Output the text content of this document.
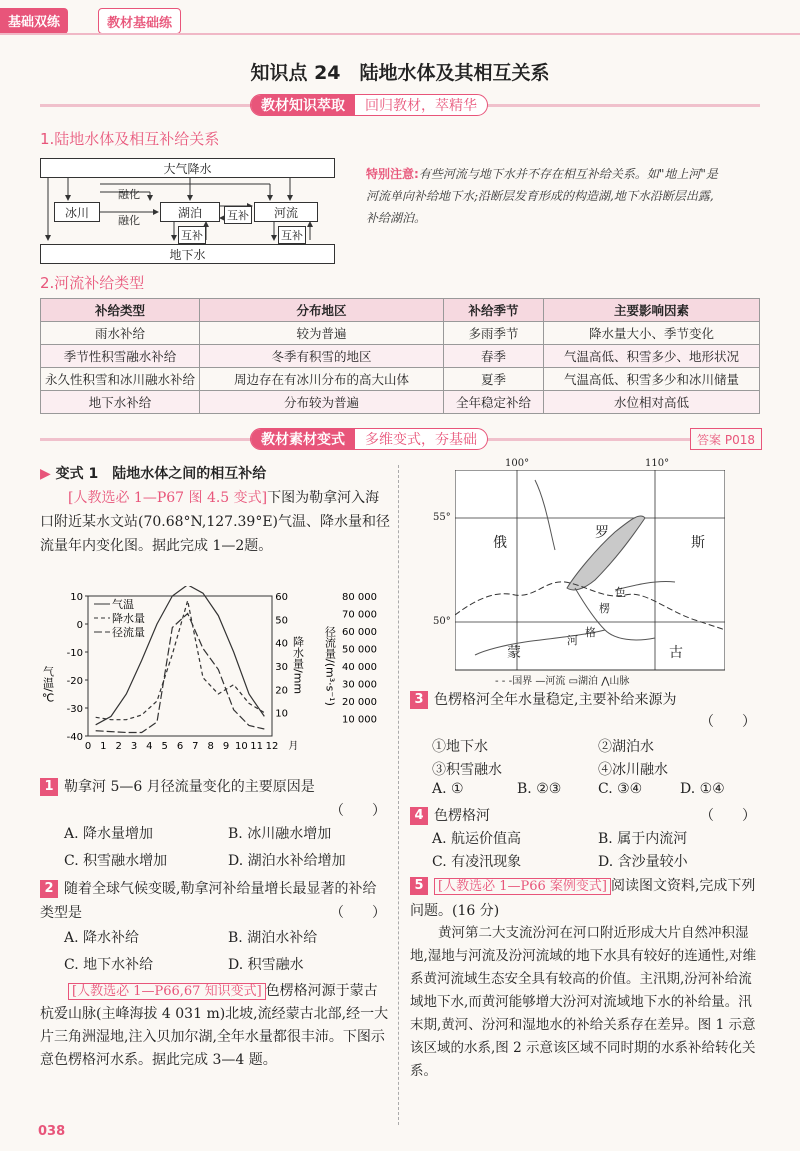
基础双练	教材基础练
知识点 24　陆地水体及其相互关系
教材知识萃取	回归教材，萃精华
1.陆地水体及相互补给关系
大气降水
冰川	湖泊	河流
地下水
融化
融化	互补
互补	互补
特别注意:有些河流与地下水并不存在相互补给关系。如"地上河"是河流单向补给地下水;沿断层发育形成的构造湖,地下水沿断层出露,补给湖泊。
2.河流补给类型
补给类型	分布地区	补给季节	主要影响因素
雨水补给	较为普遍	多雨季节	降水量大小、季节变化
季节性积雪融水补给	冬季有积雪的地区	春季	气温高低、积雪多少、地形状况
永久性积雪和冰川融水补给	周边存在有冰川分布的高大山体	夏季	气温高低、积雪多少和冰川储量
地下水补给	分布较为普遍	全年稳定补给	水位相对高低
教材素材变式	多维变式，夯基础	答案 P018
▶ 变式 1　 陆地水体之间的相互补给
[人教选必 1—P67 图 4.5 变式]下图为勒拿河入海口附近某水文站(70.68°N,127.39°E)气温、降水量和径流量年内变化图。据此完成 1—2题。
10
0
-10
-20
-30
-40
60
50
40
30
20
10
80 000
70 000
60 000
50 000
40 000
30 000
20 000
10 000
0 1 2 3 4 5 6 7 8 9 10 11 12 月
气温/℃	降水量/mm 径流量/(m³·s⁻¹)
气温
降水量
径流量
1 勒拿河 5—6 月径流量变化的主要原因是
（　　）
A. 降水量增加	B. 冰川融水增加
C. 积雪融水增加	D. 湖泊水补给增加
2 随着全球气候变暖,勒拿河补给量增长最显著的补给类型是	（　　）
A. 降水补给	B. 湖泊水补给
C. 地下水补给	D. 积雪融水
[人教选必 1—P66,67 知识变式] 色楞格河源于蒙古杭爱山脉(主峰海拔 4 031 m)北坡,流经蒙古北部,经一大片三角洲湿地,注入贝加尔湖,全年水量都很丰沛。下图示意色楞格河水系。据此完成 3—4 题。
100°	110°
55°
50°
俄
罗
斯
色
楞
格
河
蒙	古
- - -国界 —河流 ▭湖泊 ⋀山脉
3 色楞格河全年水量稳定,主要补给来源为
（　　）
①地下水	②湖泊水
③积雪融水	④冰川融水
A. ①	B. ②③	C. ③④	D. ①④
4 色楞格河	（　　）
A. 航运价值高	B. 属于内流河
C. 有凌汛现象	D. 含沙量较小
5 [人教选必 1—P66 案例变式] 阅读图文资料,完成下列问题。(16 分)
黄河第二大支流汾河在河口附近形成大片自然冲积湿地,湿地与河流及汾河流域的地下水具有较好的连通性,对维系黄河流域生态安全具有较高的价值。主汛期,汾河补给流域地下水,而黄河能够增大汾河对流域地下水的补给量。汛末期,黄河、汾河和湿地水的补给关系存在差异。图 1 示意该区域的水系,图 2 示意该区域不同时期的水系补给转化关系。
038
